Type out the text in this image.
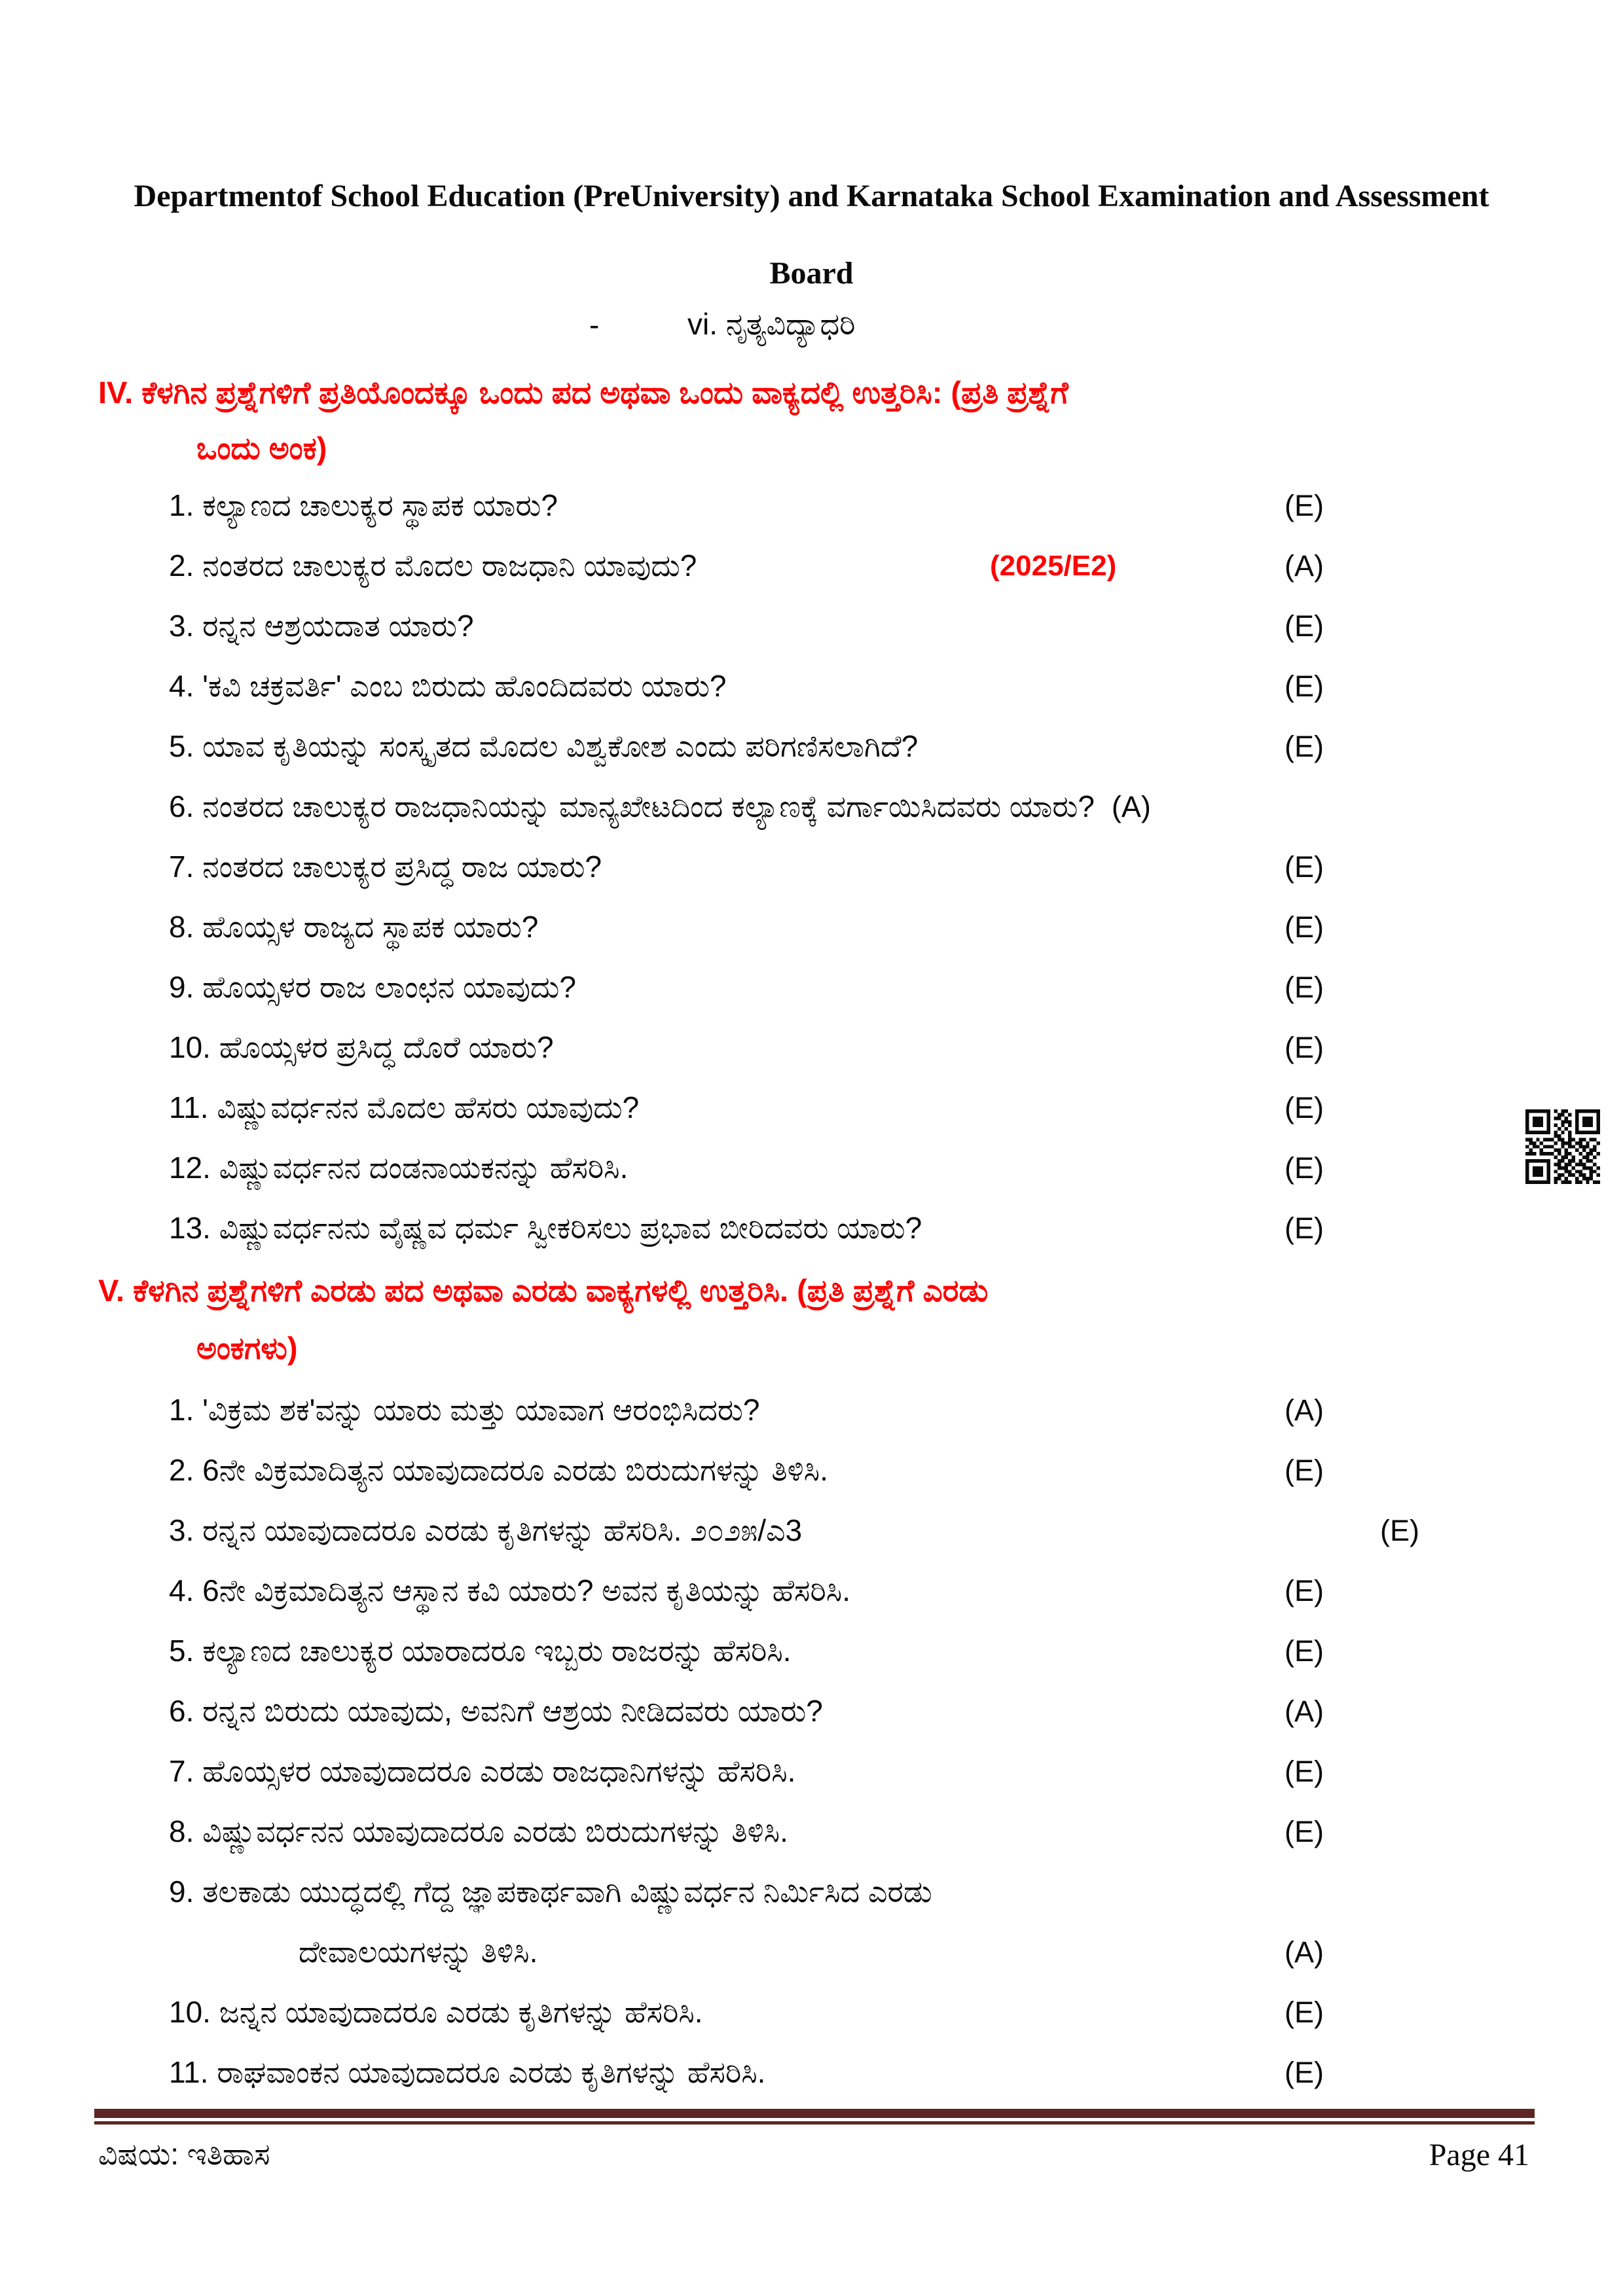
Departmentof School Education (PreUniversity) and Karnataka School Examination and Assessment
Board
-	vi. ನೃತ್ಯವಿದ್ಯಾಧರಿ
IV. ಕೆಳಗಿನ ಪ್ರಶ್ನೆಗಳಿಗೆ ಪ್ರತಿಯೊಂದಕ್ಕೂ ಒಂದು ಪದ ಅಥವಾ ಒಂದು ವಾಕ್ಯದಲ್ಲಿ ಉತ್ತರಿಸಿ: (ಪ್ರತಿ ಪ್ರಶ್ನೆಗೆ
ಒಂದು ಅಂಕ)
1. ಕಲ್ಯಾಣದ ಚಾಲುಕ್ಯರ ಸ್ಥಾಪಕ ಯಾರು?	(E)
2. ನಂತರದ ಚಾಲುಕ್ಯರ ಮೊದಲ ರಾಜಧಾನಿ ಯಾವುದು?	(2025/E2)	(A)
3. ರನ್ನನ ಆಶ್ರಯದಾತ ಯಾರು?	(E)
4. 'ಕವಿ ಚಕ್ರವರ್ತಿ' ಎಂಬ ಬಿರುದು ಹೊಂದಿದವರು ಯಾರು?	(E)
5. ಯಾವ ಕೃತಿಯನ್ನು ಸಂಸ್ಕೃತದ ಮೊದಲ ವಿಶ್ವಕೋಶ ಎಂದು ಪರಿಗಣಿಸಲಾಗಿದೆ?	(E)
6. ನಂತರದ ಚಾಲುಕ್ಯರ ರಾಜಧಾನಿಯನ್ನು ಮಾನ್ಯಖೇಟದಿಂದ ಕಲ್ಯಾಣಕ್ಕೆ ವರ್ಗಾಯಿಸಿದವರು ಯಾರು? (A)
7. ನಂತರದ ಚಾಲುಕ್ಯರ ಪ್ರಸಿದ್ಧ ರಾಜ ಯಾರು?	(E)
8. ಹೊಯ್ಸಳ ರಾಜ್ಯದ ಸ್ಥಾಪಕ ಯಾರು?	(E)
9. ಹೊಯ್ಸಳರ ರಾಜ ಲಾಂಛನ ಯಾವುದು?	(E)
10. ಹೊಯ್ಸಳರ ಪ್ರಸಿದ್ಧ ದೊರೆ ಯಾರು?	(E)
11. ವಿಷ್ಣುವರ್ಧನನ ಮೊದಲ ಹೆಸರು ಯಾವುದು?	(E)
12. ವಿಷ್ಣುವರ್ಧನನ ದಂಡನಾಯಕನನ್ನು ಹೆಸರಿಸಿ.	(E)
13. ವಿಷ್ಣುವರ್ಧನನು ವೈಷ್ಣವ ಧರ್ಮ ಸ್ವೀಕರಿಸಲು ಪ್ರಭಾವ ಬೀರಿದವರು ಯಾರು?	(E)
V. ಕೆಳಗಿನ ಪ್ರಶ್ನೆಗಳಿಗೆ ಎರಡು ಪದ ಅಥವಾ ಎರಡು ವಾಕ್ಯಗಳಲ್ಲಿ ಉತ್ತರಿಸಿ. (ಪ್ರತಿ ಪ್ರಶ್ನೆಗೆ ಎರಡು
ಅಂಕಗಳು)
1. 'ವಿಕ್ರಮ ಶಕ'ವನ್ನು ಯಾರು ಮತ್ತು ಯಾವಾಗ ಆರಂಭಿಸಿದರು?	(A)
2. 6ನೇ ವಿಕ್ರಮಾದಿತ್ಯನ ಯಾವುದಾದರೂ ಎರಡು ಬಿರುದುಗಳನ್ನು ತಿಳಿಸಿ.	(E)
3. ರನ್ನನ ಯಾವುದಾದರೂ ಎರಡು ಕೃತಿಗಳನ್ನು ಹೆಸರಿಸಿ. ೨೦೨೫/ಎ3	(E)
4. 6ನೇ ವಿಕ್ರಮಾದಿತ್ಯನ ಆಸ್ಥಾನ ಕವಿ ಯಾರು? ಅವನ ಕೃತಿಯನ್ನು ಹೆಸರಿಸಿ.	(E)
5. ಕಲ್ಯಾಣದ ಚಾಲುಕ್ಯರ ಯಾರಾದರೂ ಇಬ್ಬರು ರಾಜರನ್ನು ಹೆಸರಿಸಿ.	(E)
6. ರನ್ನನ ಬಿರುದು ಯಾವುದು, ಅವನಿಗೆ ಆಶ್ರಯ ನೀಡಿದವರು ಯಾರು?	(A)
7. ಹೊಯ್ಸಳರ ಯಾವುದಾದರೂ ಎರಡು ರಾಜಧಾನಿಗಳನ್ನು ಹೆಸರಿಸಿ.	(E)
8. ವಿಷ್ಣುವರ್ಧನನ ಯಾವುದಾದರೂ ಎರಡು ಬಿರುದುಗಳನ್ನು ತಿಳಿಸಿ.	(E)
9. ತಲಕಾಡು ಯುದ್ಧದಲ್ಲಿ ಗೆದ್ದ ಜ್ಞಾಪಕಾರ್ಥವಾಗಿ ವಿಷ್ಣುವರ್ಧನ ನಿರ್ಮಿಸಿದ ಎರಡು
ದೇವಾಲಯಗಳನ್ನು ತಿಳಿಸಿ.	(A)
10. ಜನ್ನನ ಯಾವುದಾದರೂ ಎರಡು ಕೃತಿಗಳನ್ನು ಹೆಸರಿಸಿ.	(E)
11. ರಾಘವಾಂಕನ ಯಾವುದಾದರೂ ಎರಡು ಕೃತಿಗಳನ್ನು ಹೆಸರಿಸಿ.	(E)
ವಿಷಯ: ಇತಿಹಾಸ	Page 41
